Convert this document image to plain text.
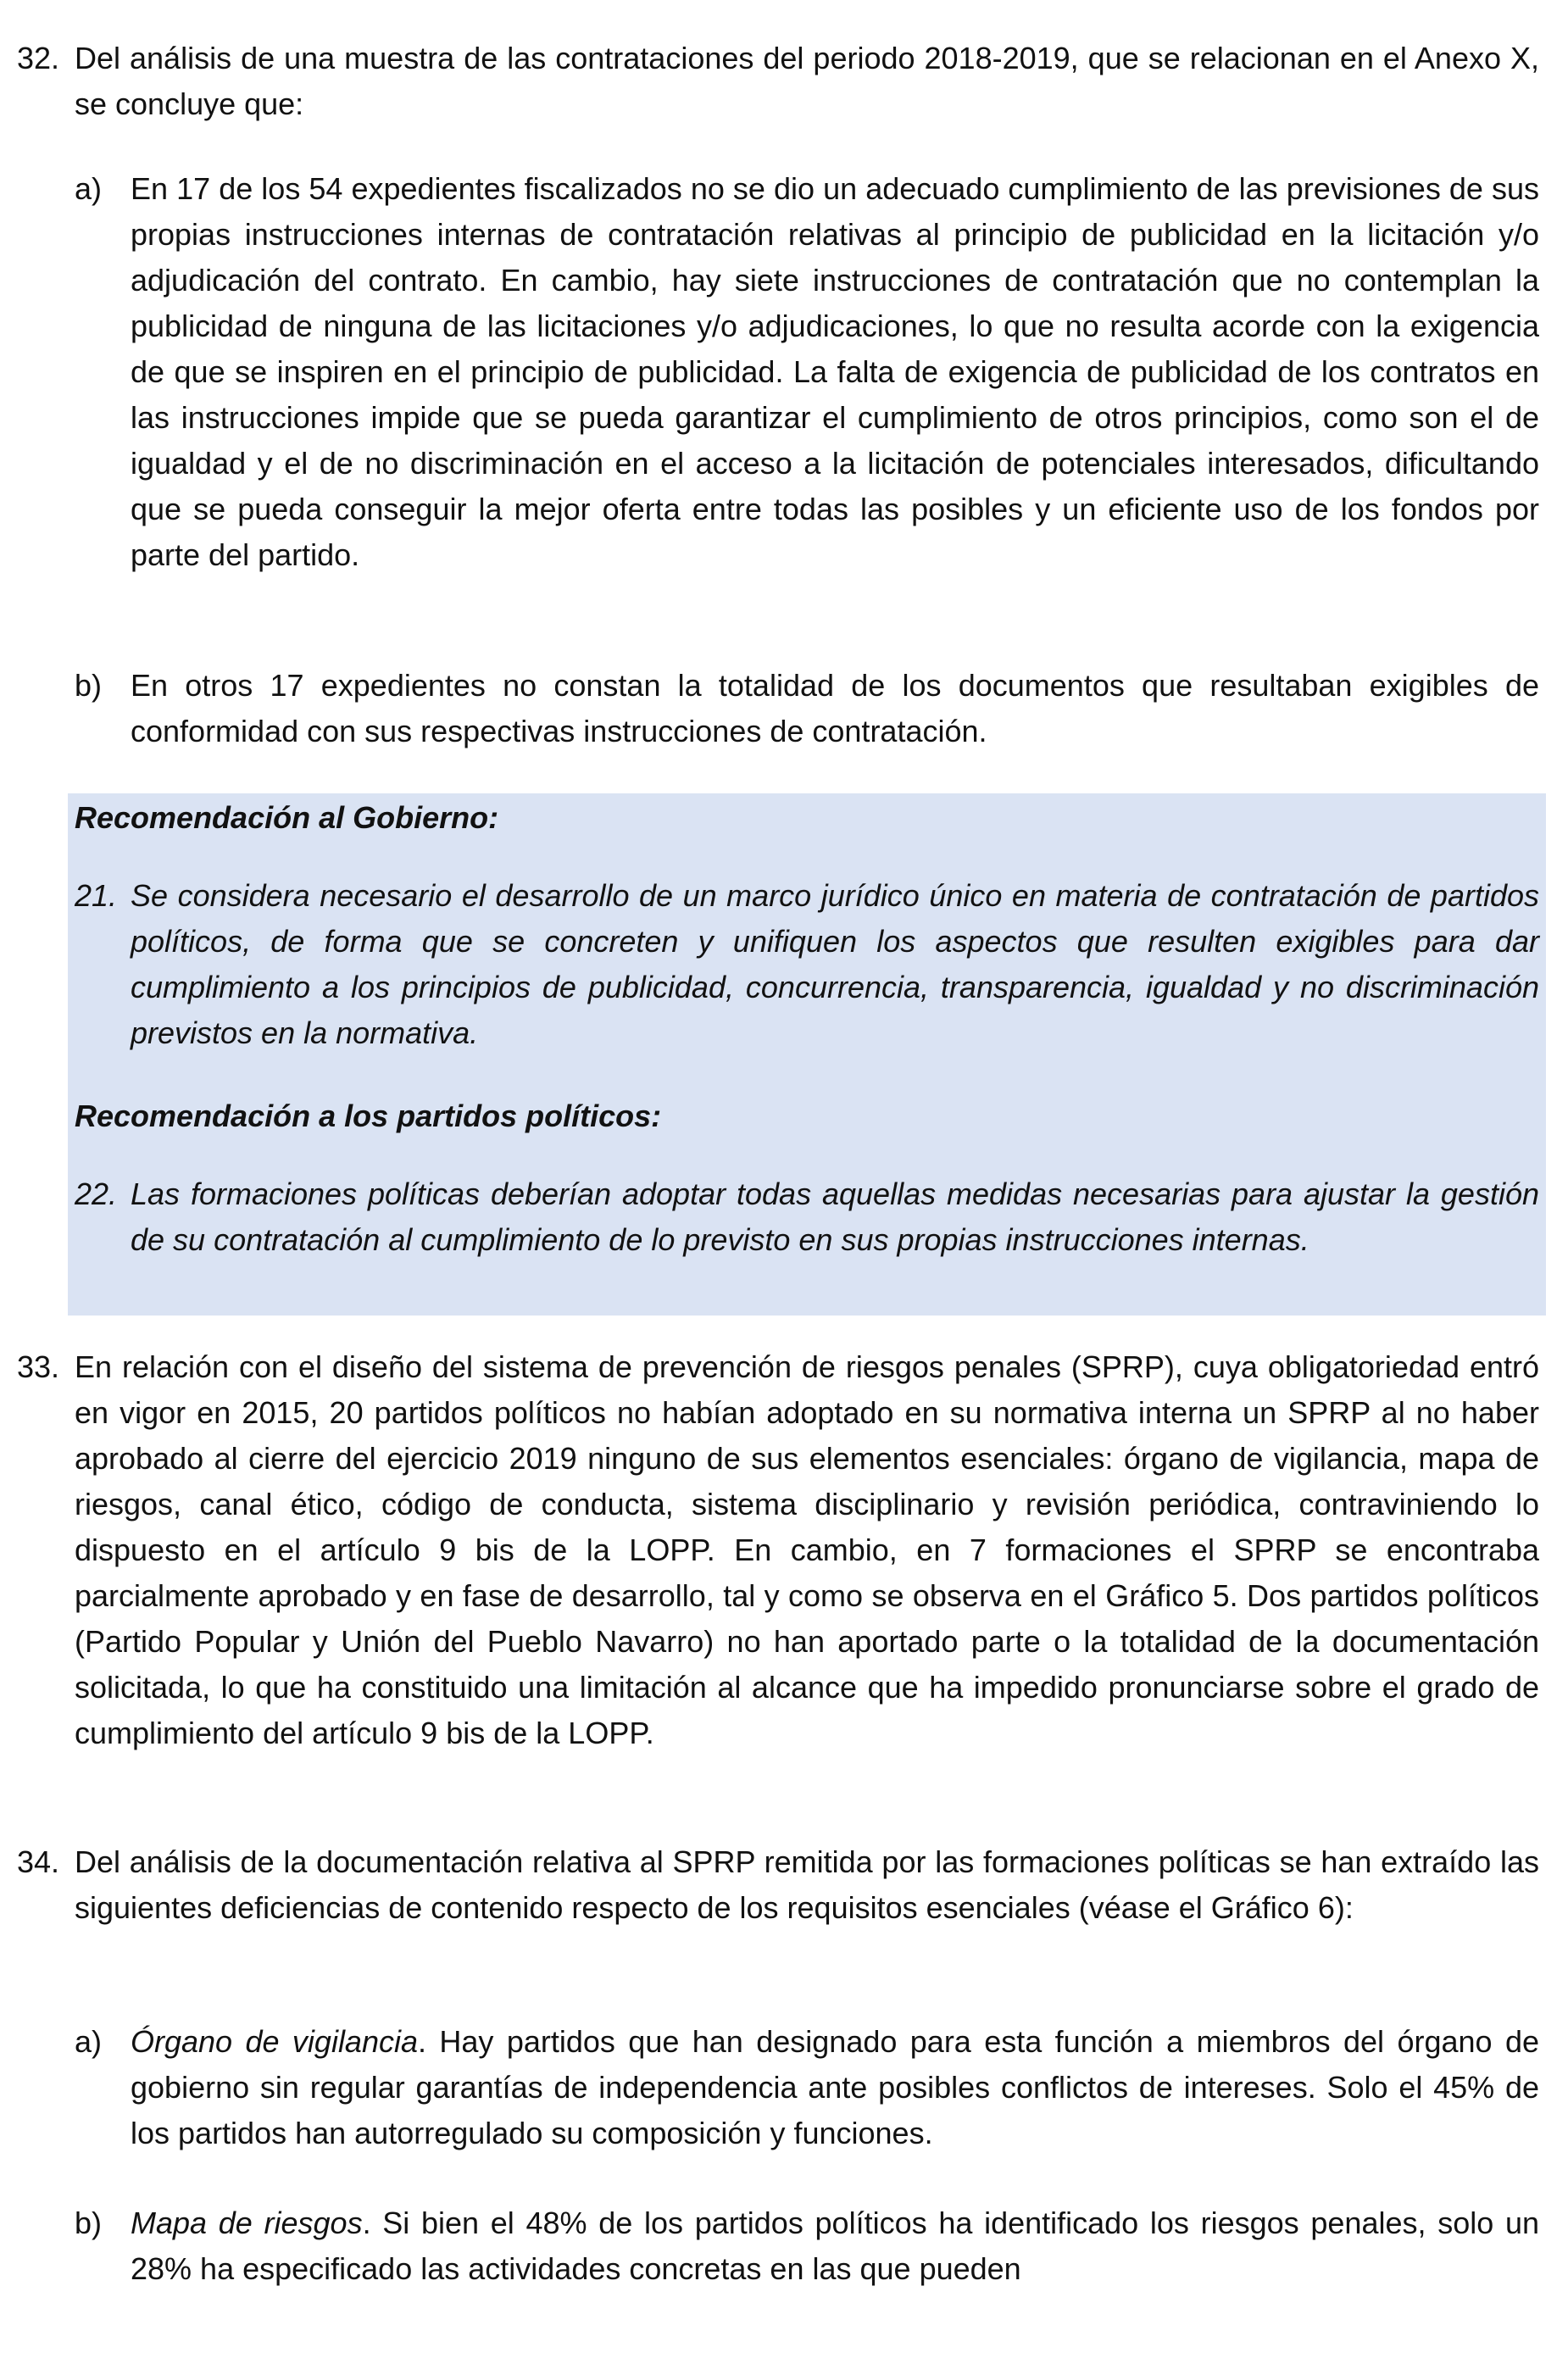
32. Del análisis de una muestra de las contrataciones del periodo 2018-2019, que se relacionan en el Anexo X, se concluye que:
a) En 17 de los 54 expedientes fiscalizados no se dio un adecuado cumplimiento de las previsiones de sus propias instrucciones internas de contratación relativas al principio de publicidad en la licitación y/o adjudicación del contrato. En cambio, hay siete instrucciones de contratación que no contemplan la publicidad de ninguna de las licitaciones y/o adjudicaciones, lo que no resulta acorde con la exigencia de que se inspiren en el principio de publicidad. La falta de exigencia de publicidad de los contratos en las instrucciones impide que se pueda garantizar el cumplimiento de otros principios, como son el de igualdad y el de no discriminación en el acceso a la licitación de potenciales interesados, dificultando que se pueda conseguir la mejor oferta entre todas las posibles y un eficiente uso de los fondos por parte del partido.
b) En otros 17 expedientes no constan la totalidad de los documentos que resultaban exigibles de conformidad con sus respectivas instrucciones de contratación.
Recomendación al Gobierno:
21. Se considera necesario el desarrollo de un marco jurídico único en materia de contratación de partidos políticos, de forma que se concreten y unifiquen los aspectos que resulten exigibles para dar cumplimiento a los principios de publicidad, concurrencia, transparencia, igualdad y no discriminación previstos en la normativa.
Recomendación a los partidos políticos:
22. Las formaciones políticas deberían adoptar todas aquellas medidas necesarias para ajustar la gestión de su contratación al cumplimiento de lo previsto en sus propias instrucciones internas.
33. En relación con el diseño del sistema de prevención de riesgos penales (SPRP), cuya obligatoriedad entró en vigor en 2015, 20 partidos políticos no habían adoptado en su normativa interna un SPRP al no haber aprobado al cierre del ejercicio 2019 ninguno de sus elementos esenciales: órgano de vigilancia, mapa de riesgos, canal ético, código de conducta, sistema disciplinario y revisión periódica, contraviniendo lo dispuesto en el artículo 9 bis de la LOPP. En cambio, en 7 formaciones el SPRP se encontraba parcialmente aprobado y en fase de desarrollo, tal y como se observa en el Gráfico 5. Dos partidos políticos (Partido Popular y Unión del Pueblo Navarro) no han aportado parte o la totalidad de la documentación solicitada, lo que ha constituido una limitación al alcance que ha impedido pronunciarse sobre el grado de cumplimiento del artículo 9 bis de la LOPP.
34. Del análisis de la documentación relativa al SPRP remitida por las formaciones políticas se han extraído las siguientes deficiencias de contenido respecto de los requisitos esenciales (véase el Gráfico 6):
a) Órgano de vigilancia. Hay partidos que han designado para esta función a miembros del órgano de gobierno sin regular garantías de independencia ante posibles conflictos de intereses. Solo el 45% de los partidos han autorregulado su composición y funciones.
b) Mapa de riesgos. Si bien el 48% de los partidos políticos ha identificado los riesgos penales, solo un 28% ha especificado las actividades concretas en las que pueden
